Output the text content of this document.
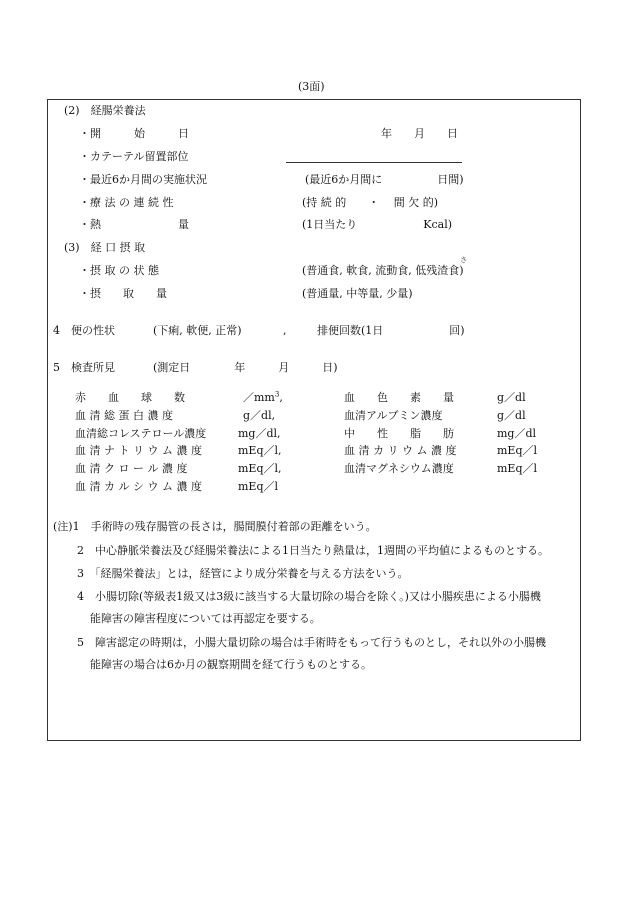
(3面)
(2)　経腸栄養法
・開　　　始　　　日	年　　月　　日
・カテーテル留置部位
・最近6か月間の実施状況	(最近6か月間に　　　　　日間)
・療 法 の 連 続 性	(持 続 的　　・　 間 欠 的)
・熱　　　　　　　量	(1日当たり　　　　　　Kcal)
(3)　経 口 摂 取
さ
・摂 取 の 状 態	(普通食, 軟食, 流動食, 低残渣食)
・摂　　取　　量	(普通量, 中等量, 少量)
4　便の性状	(下痢, 軟便, 正常)	,	排便回数(1日　　　　　　回)
5　検査所見	(測定日　　　　年　　　月　　　日)
赤　　血　　球　　数	$/mm^3$,	血　　色　　素　　量	g／dl
血 清 総 蛋 白 濃 度	g／dl,	血清アルブミン濃度	g／dl
血清総コレステロール濃度	mg／dl,	中　　性　　脂　　肪	mg／dl
血 清 ナ ト リ ウ ム 濃 度	mEq／l,	血 清 カ リ ウ ム 濃 度	mEq／l
血 清 ク ロ ー ル 濃 度	mEq／l,	血清マグネシウム濃度	mEq／l
血 清 カ ル シ ウ ム 濃 度	mEq／l
(注)1　手術時の残存腸管の長さは，腸間膜付着部の距離をいう。
2　中心静脈栄養法及び経腸栄養法による1日当たり熱量は，1週間の平均値によるものとする。
3　「経腸栄養法」とは，経管により成分栄養を与える方法をいう。
4　小腸切除(等級表1級又は3級に該当する大量切除の場合を除く。)又は小腸疾患による小腸機
能障害の障害程度については再認定を要する。
5　障害認定の時期は，小腸大量切除の場合は手術時をもって行うものとし，それ以外の小腸機
能障害の場合は6か月の観察期間を経て行うものとする。
